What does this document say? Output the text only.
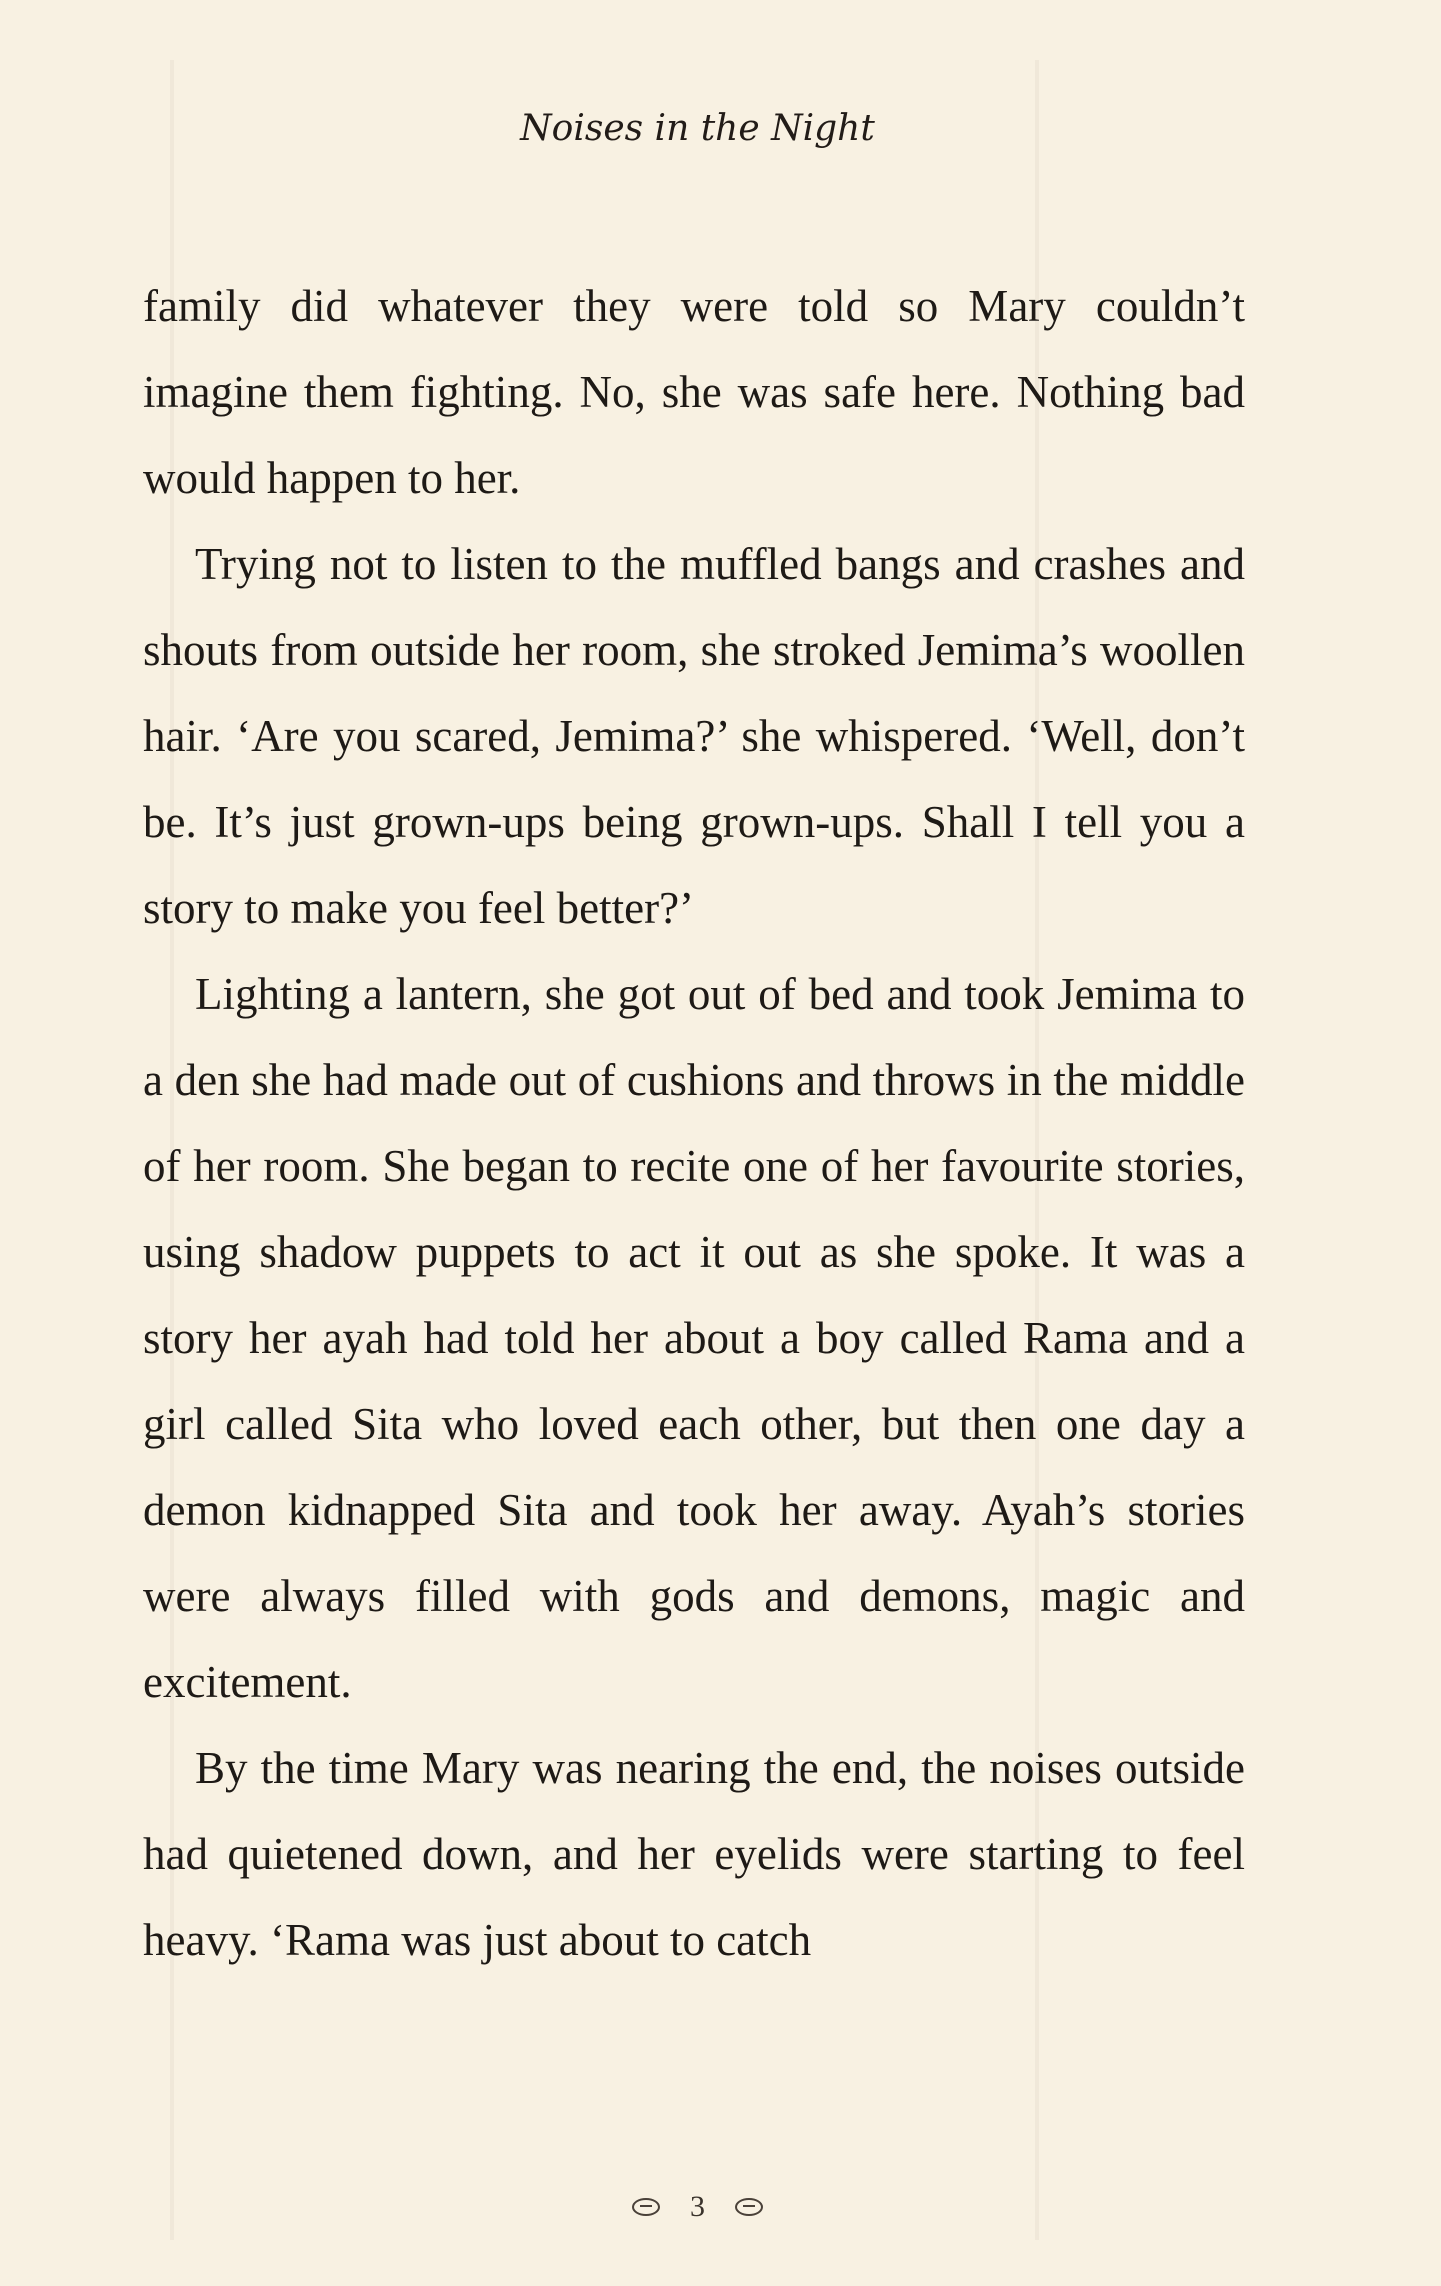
Noises in the Night

family did whatever they were told so Mary couldn’t imagine them fighting. No, she was safe here. Nothing bad would happen to her.

Trying not to listen to the muffled bangs and crashes and shouts from outside her room, she stroked Jemima’s woollen hair. ‘Are you scared, Jemima?’ she whispered. ‘Well, don’t be. It’s just grown-ups being grown-ups. Shall I tell you a story to make you feel better?’

Lighting a lantern, she got out of bed and took Jemima to a den she had made out of cushions and throws in the middle of her room. She began to recite one of her favourite stories, using shadow puppets to act it out as she spoke. It was a story her ayah had told her about a boy called Rama and a girl called Sita who loved each other, but then one day a demon kidnapped Sita and took her away. Ayah’s stories were always filled with gods and demons, magic and excitement.

By the time Mary was nearing the end, the noises outside had quietened down, and her eyelids were starting to feel heavy. ‘Rama was just about to catch

3
